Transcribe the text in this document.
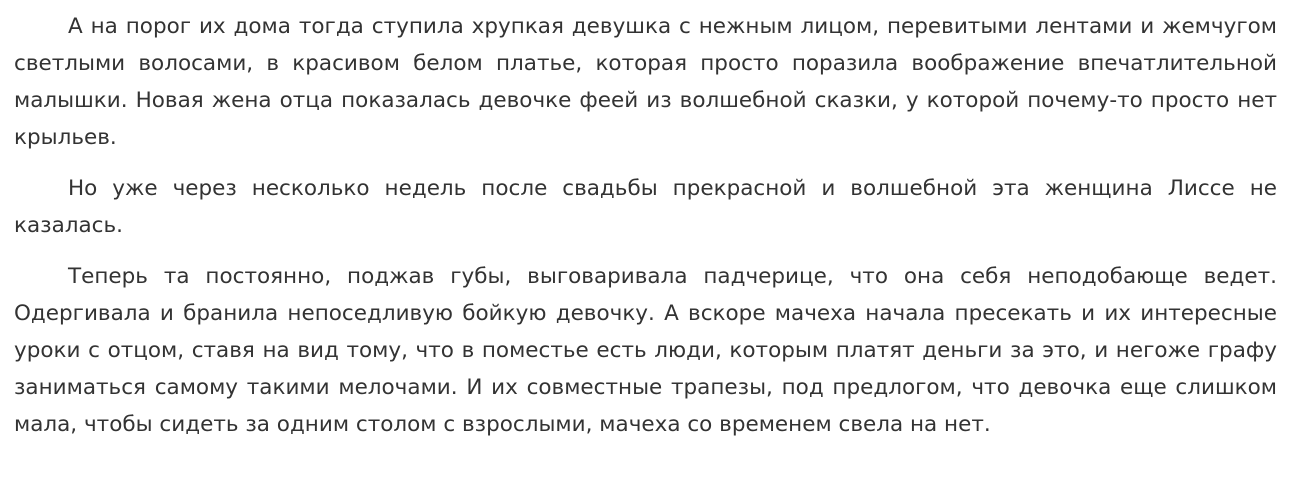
А на порог их дома тогда ступила хрупкая девушка с нежным лицом, перевитыми лентами и жемчугом светлыми волосами, в красивом белом платье, которая просто поразила воображение впечатлительной малышки. Новая жена отца показалась девочке феей из волшебной сказки, у которой почему-то просто нет крыльев.

Но уже через несколько недель после свадьбы прекрасной и волшебной эта женщина Лиссе не казалась.

Теперь та постоянно, поджав губы, выговаривала падчерице, что она себя неподобающе ведет. Одергивала и бранила непоседливую бойкую девочку. А вскоре мачеха начала пресекать и их интересные уроки с отцом, ставя на вид тому, что в поместье есть люди, которым платят деньги за это, и негоже графу заниматься самому такими мелочами. И их совместные трапезы, под предлогом, что девочка еще слишком мала, чтобы сидеть за одним столом с взрослыми, мачеха со временем свела на нет.
